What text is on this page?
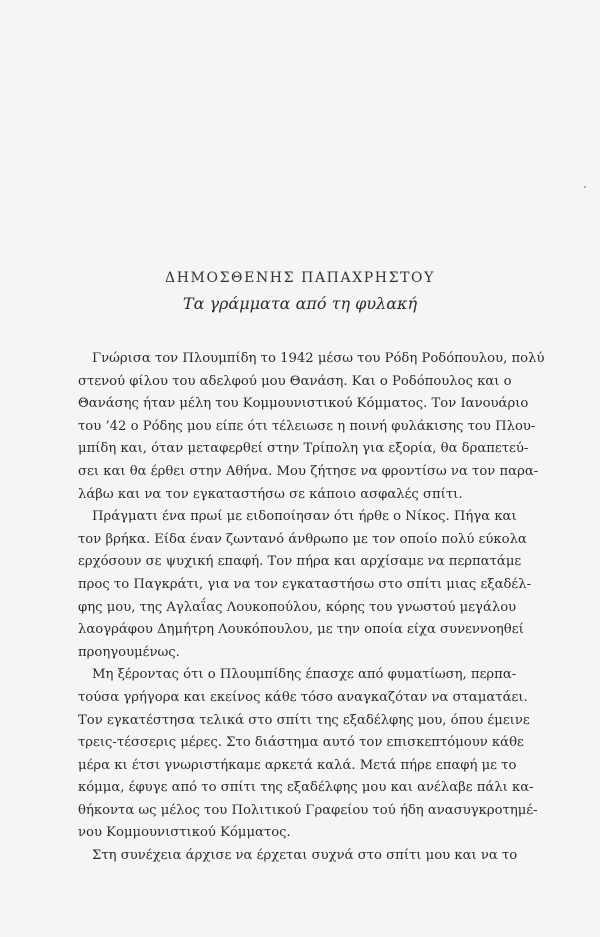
ΔΗΜΟΣΘΕΝΗΣ ΠΑΠΑΧΡΗΣΤΟΥ
Τα γράμματα από τη φυλακή
Γνώρισα τον Πλουμπίδη το 1942 μέσω του Ρόδη Ροδόπουλου, πολύ
στενού φίλου του αδελφού μου Θανάση. Και ο Ροδόπουλος και ο
Θανάσης ήταν μέλη του Κομμουνιστικού Κόμματος. Τον Ιανουάριο
του ’42 ο Ρόδης μου είπε ότι τέλειωσε η ποινή φυλάκισης του Πλου-
μπίδη και, όταν μεταφερθεί στην Τρίπολη για εξορία, θα δραπετεύ-
σει και θα έρθει στην Αθήνα. Μου ζήτησε να φροντίσω να τον παρα-
λάβω και να τον εγκαταστήσω σε κάποιο ασφαλές σπίτι.
Πράγματι ένα πρωί με ειδοποίησαν ότι ήρθε ο Νίκος. Πήγα και
τον βρήκα. Είδα έναν ζωντανό άνθρωπο με τον οποίο πολύ εύκολα
ερχόσουν σε ψυχική επαφή. Τον πήρα και αρχίσαμε να περπατάμε
προς το Παγκράτι, για να τον εγκαταστήσω στο σπίτι μιας εξαδέλ-
φης μου, της Αγλαΐας Λουκοπούλου, κόρης του γνωστού μεγάλου
λαογράφου Δημήτρη Λουκόπουλου, με την οποία είχα συνεννοηθεί
προηγουμένως.
Μη ξέροντας ότι ο Πλουμπίδης έπασχε από φυματίωση, περπα-
τούσα γρήγορα και εκείνος κάθε τόσο αναγκαζόταν να σταματάει.
Τον εγκατέστησα τελικά στο σπίτι της εξαδέλφης μου, όπου έμεινε
τρεις-τέσσερις μέρες. Στο διάστημα αυτό τον επισκεπτόμουν κάθε
μέρα κι έτσι γνωριστήκαμε αρκετά καλά. Μετά πήρε επαφή με το
κόμμα, έφυγε από το σπίτι της εξαδέλφης μου και ανέλαβε πάλι κα-
θήκοντα ως μέλος του Πολιτικού Γραφείου τού ήδη ανασυγκροτημέ-
νου Κομμουνιστικού Κόμματος.
Στη συνέχεια άρχισε να έρχεται συχνά στο σπίτι μου και να το
